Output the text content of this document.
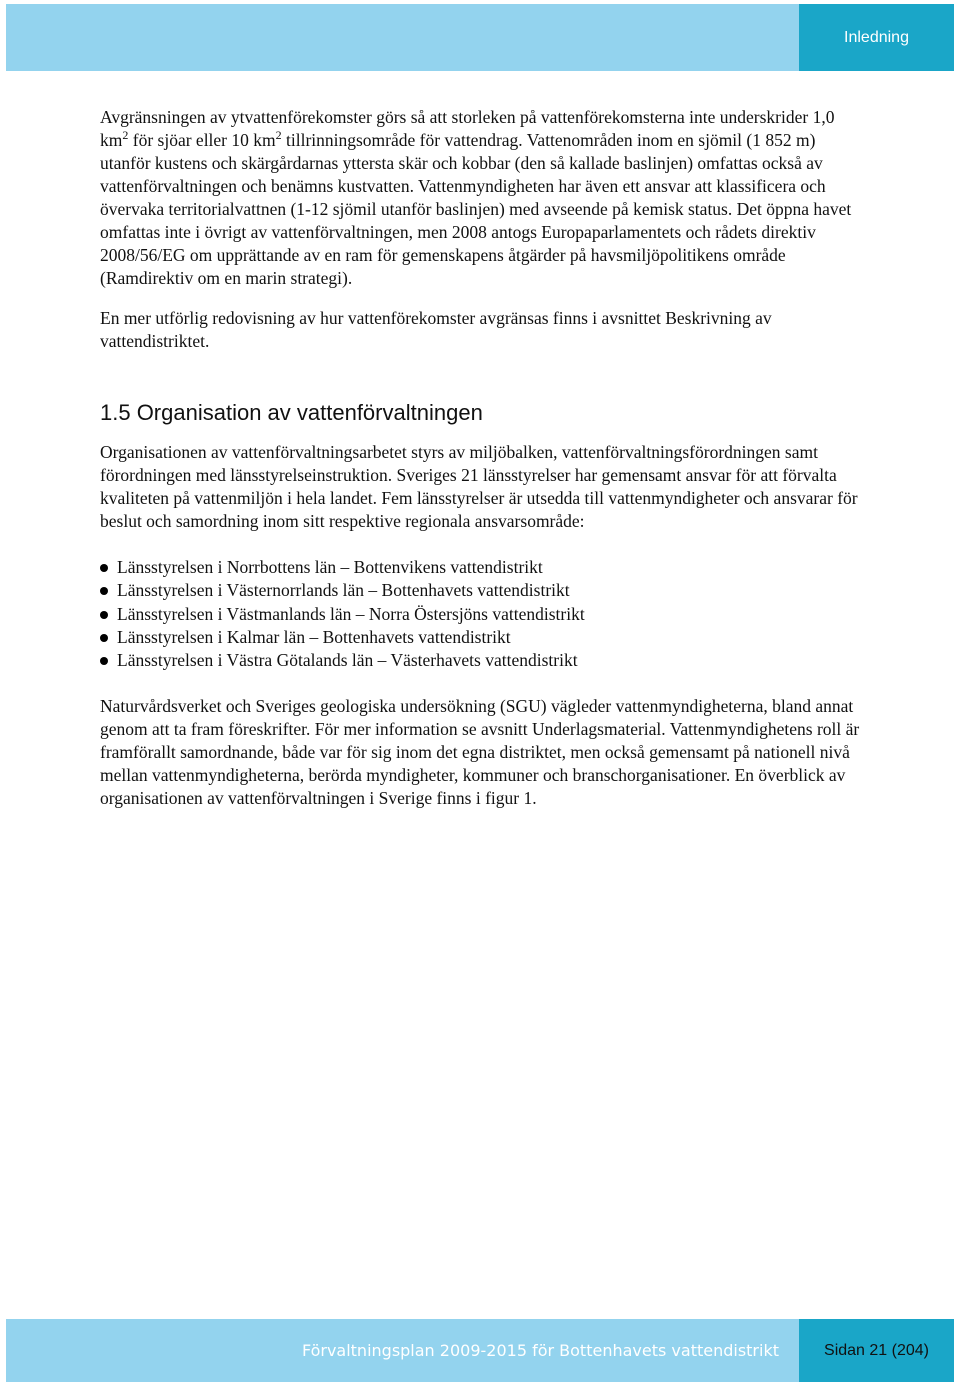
Inledning

Avgränsningen av ytvattenförekomster görs så att storleken på vattenförekomsterna inte underskrider 1,0 $km^2$ för sjöar eller 10 $km^2$ tillrinningsområde för vattendrag. Vattenområden inom en sjömil (1 852 m) utanför kustens och skärgårdarnas yttersta skär och kobbar (den så kallade baslinjen) omfattas också av vattenförvaltningen och benämns kustvatten. Vattenmyndigheten har även ett ansvar att klassificera och övervaka territorialvattnen (1-12 sjömil utanför baslinjen) med avseende på kemisk status. Det öppna havet omfattas inte i övrigt av vattenförvaltningen, men 2008 antogs Europaparlamentets och rådets direktiv 2008/56/EG om upprättande av en ram för gemenskapens åtgärder på havsmiljöpolitikens område (Ramdirektiv om en marin strategi).

En mer utförlig redovisning av hur vattenförekomster avgränsas finns i avsnittet Beskrivning av vattendistriktet.

1.5 Organisation av vattenförvaltningen

Organisationen av vattenförvaltningsarbetet styrs av miljöbalken, vattenförvaltningsförordningen samt förordningen med länsstyrelseinstruktion. Sveriges 21 länsstyrelser har gemensamt ansvar för att förvalta kvaliteten på vattenmiljön i hela landet. Fem länsstyrelser är utsedda till vattenmyndigheter och ansvarar för beslut och samordning inom sitt respektive regionala ansvarsområde:

Länsstyrelsen i Norrbottens län – Bottenvikens vattendistrikt
Länsstyrelsen i Västernorrlands län – Bottenhavets vattendistrikt
Länsstyrelsen i Västmanlands län – Norra Östersjöns vattendistrikt
Länsstyrelsen i Kalmar län – Bottenhavets vattendistrikt
Länsstyrelsen i Västra Götalands län – Västerhavets vattendistrikt

Naturvårdsverket och Sveriges geologiska undersökning (SGU) vägleder vattenmyndigheterna, bland annat genom att ta fram föreskrifter. För mer information se avsnitt Underlagsmaterial. Vattenmyndighetens roll är framförallt samordnande, både var för sig inom det egna distriktet, men också gemensamt på nationell nivå mellan vattenmyndigheterna, berörda myndigheter, kommuner och branschorganisationer. En överblick av organisationen av vattenförvaltningen i Sverige finns i figur 1.

Förvaltningsplan 2009-2015 för Bottenhavets vattendistrikt	Sidan 21 (204)
